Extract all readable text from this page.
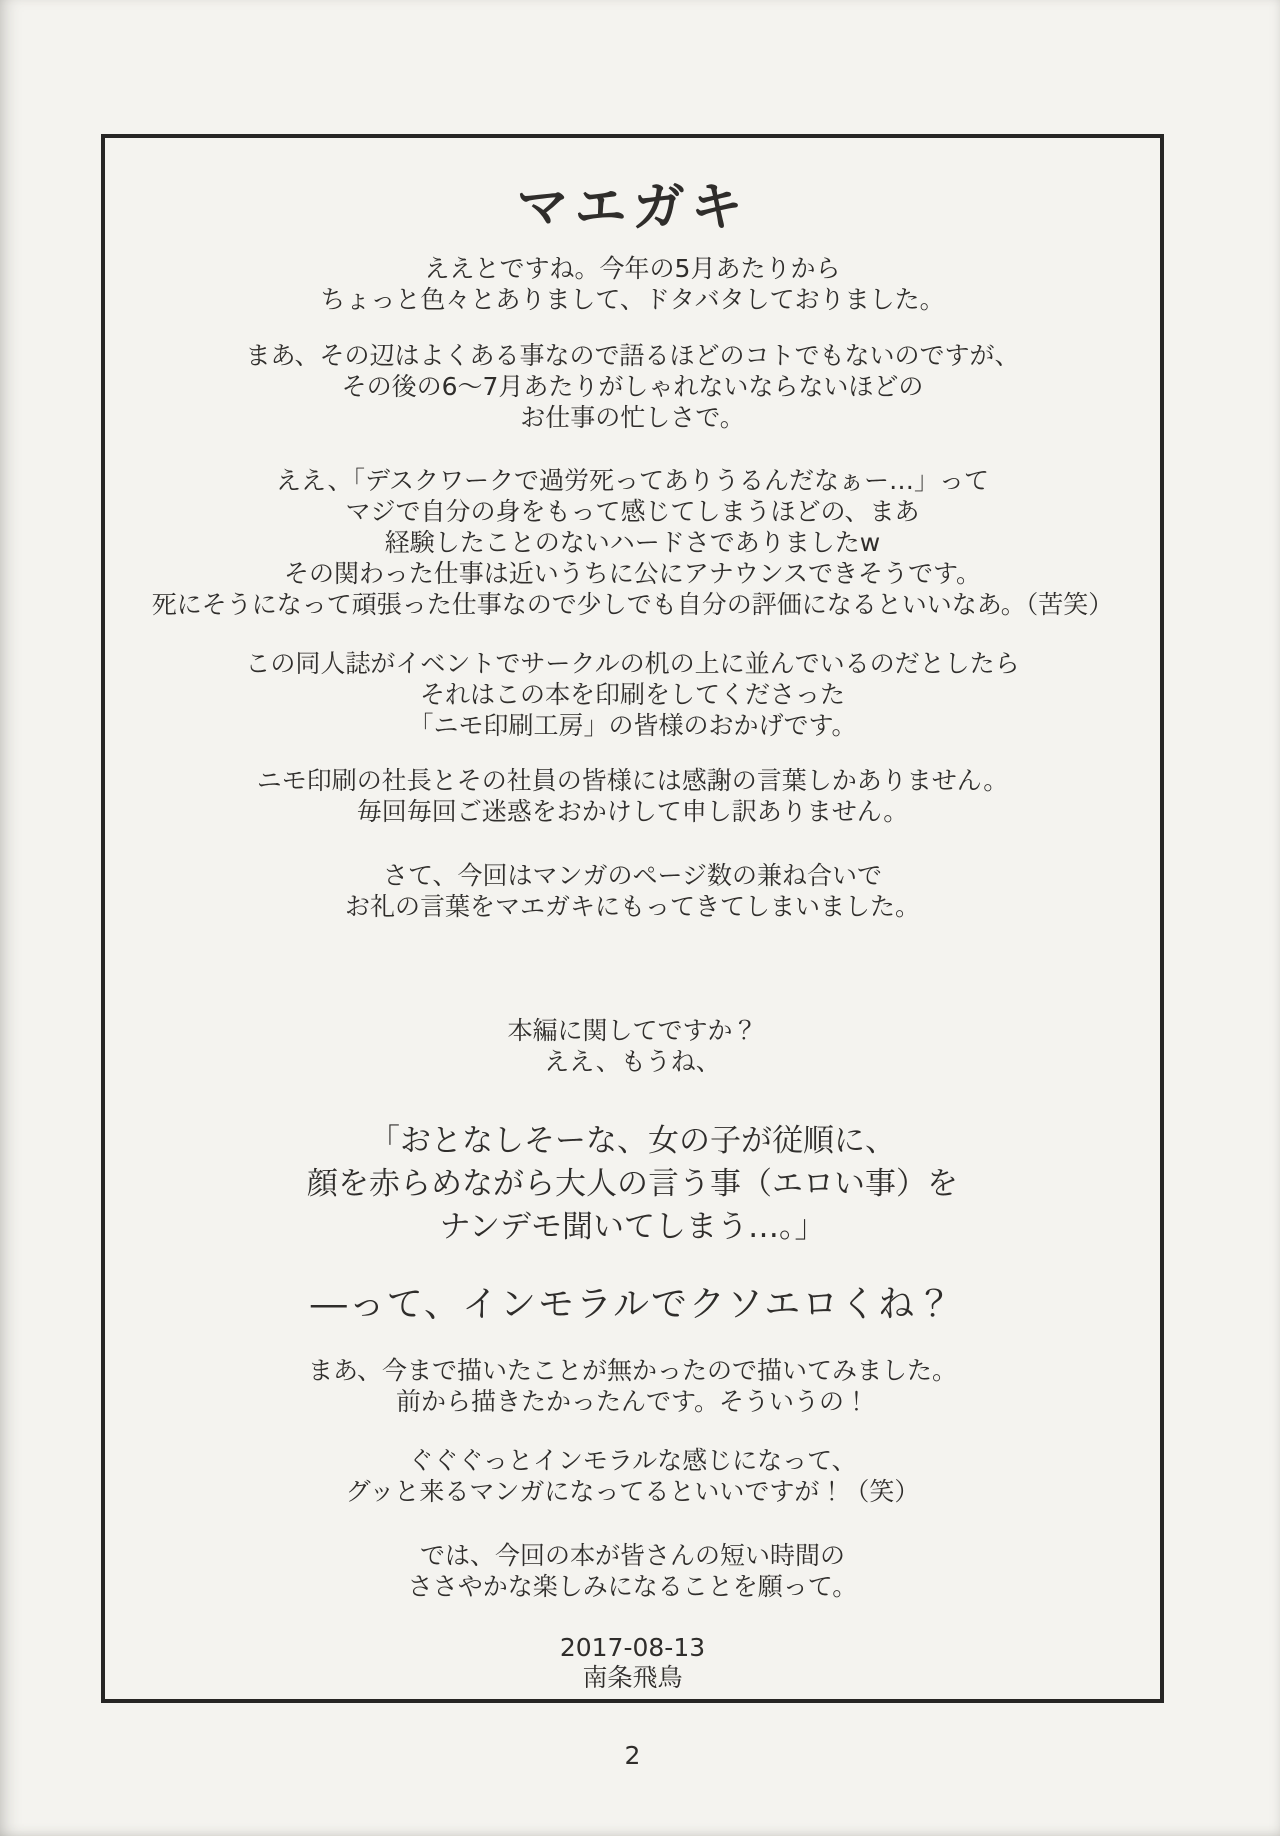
マエガキ
ええとですね。今年の5月あたりから
ちょっと色々とありまして、ドタバタしておりました。
まあ、その辺はよくある事なので語るほどのコトでもないのですが、
その後の6～7月あたりがしゃれないならないほどの
お仕事の忙しさで。
ええ、「デスクワークで過労死ってありうるんだなぁー…」って
マジで自分の身をもって感じてしまうほどの、まあ
経験したことのないハードさでありましたw
その関わった仕事は近いうちに公にアナウンスできそうです。
死にそうになって頑張った仕事なので少しでも自分の評価になるといいなあ。（苦笑）
この同人誌がイベントでサークルの机の上に並んでいるのだとしたら
それはこの本を印刷をしてくださった
「ニモ印刷工房」の皆様のおかげです。
ニモ印刷の社長とその社員の皆様には感謝の言葉しかありません。
毎回毎回ご迷惑をおかけして申し訳ありません。
さて、今回はマンガのページ数の兼ね合いで
お礼の言葉をマエガキにもってきてしまいました。
本編に関してですか？
ええ、もうね、
「おとなしそーな、女の子が従順に、
顔を赤らめながら大人の言う事（エロい事）を
ナンデモ聞いてしまう…。」
―って、インモラルでクソエロくね？
まあ、今まで描いたことが無かったので描いてみました。
前から描きたかったんです。そういうの！
ぐぐぐっとインモラルな感じになって、
グッと来るマンガになってるといいですが！（笑）
では、今回の本が皆さんの短い時間の
ささやかな楽しみになることを願って。
2017-08-13
南条飛鳥
2
